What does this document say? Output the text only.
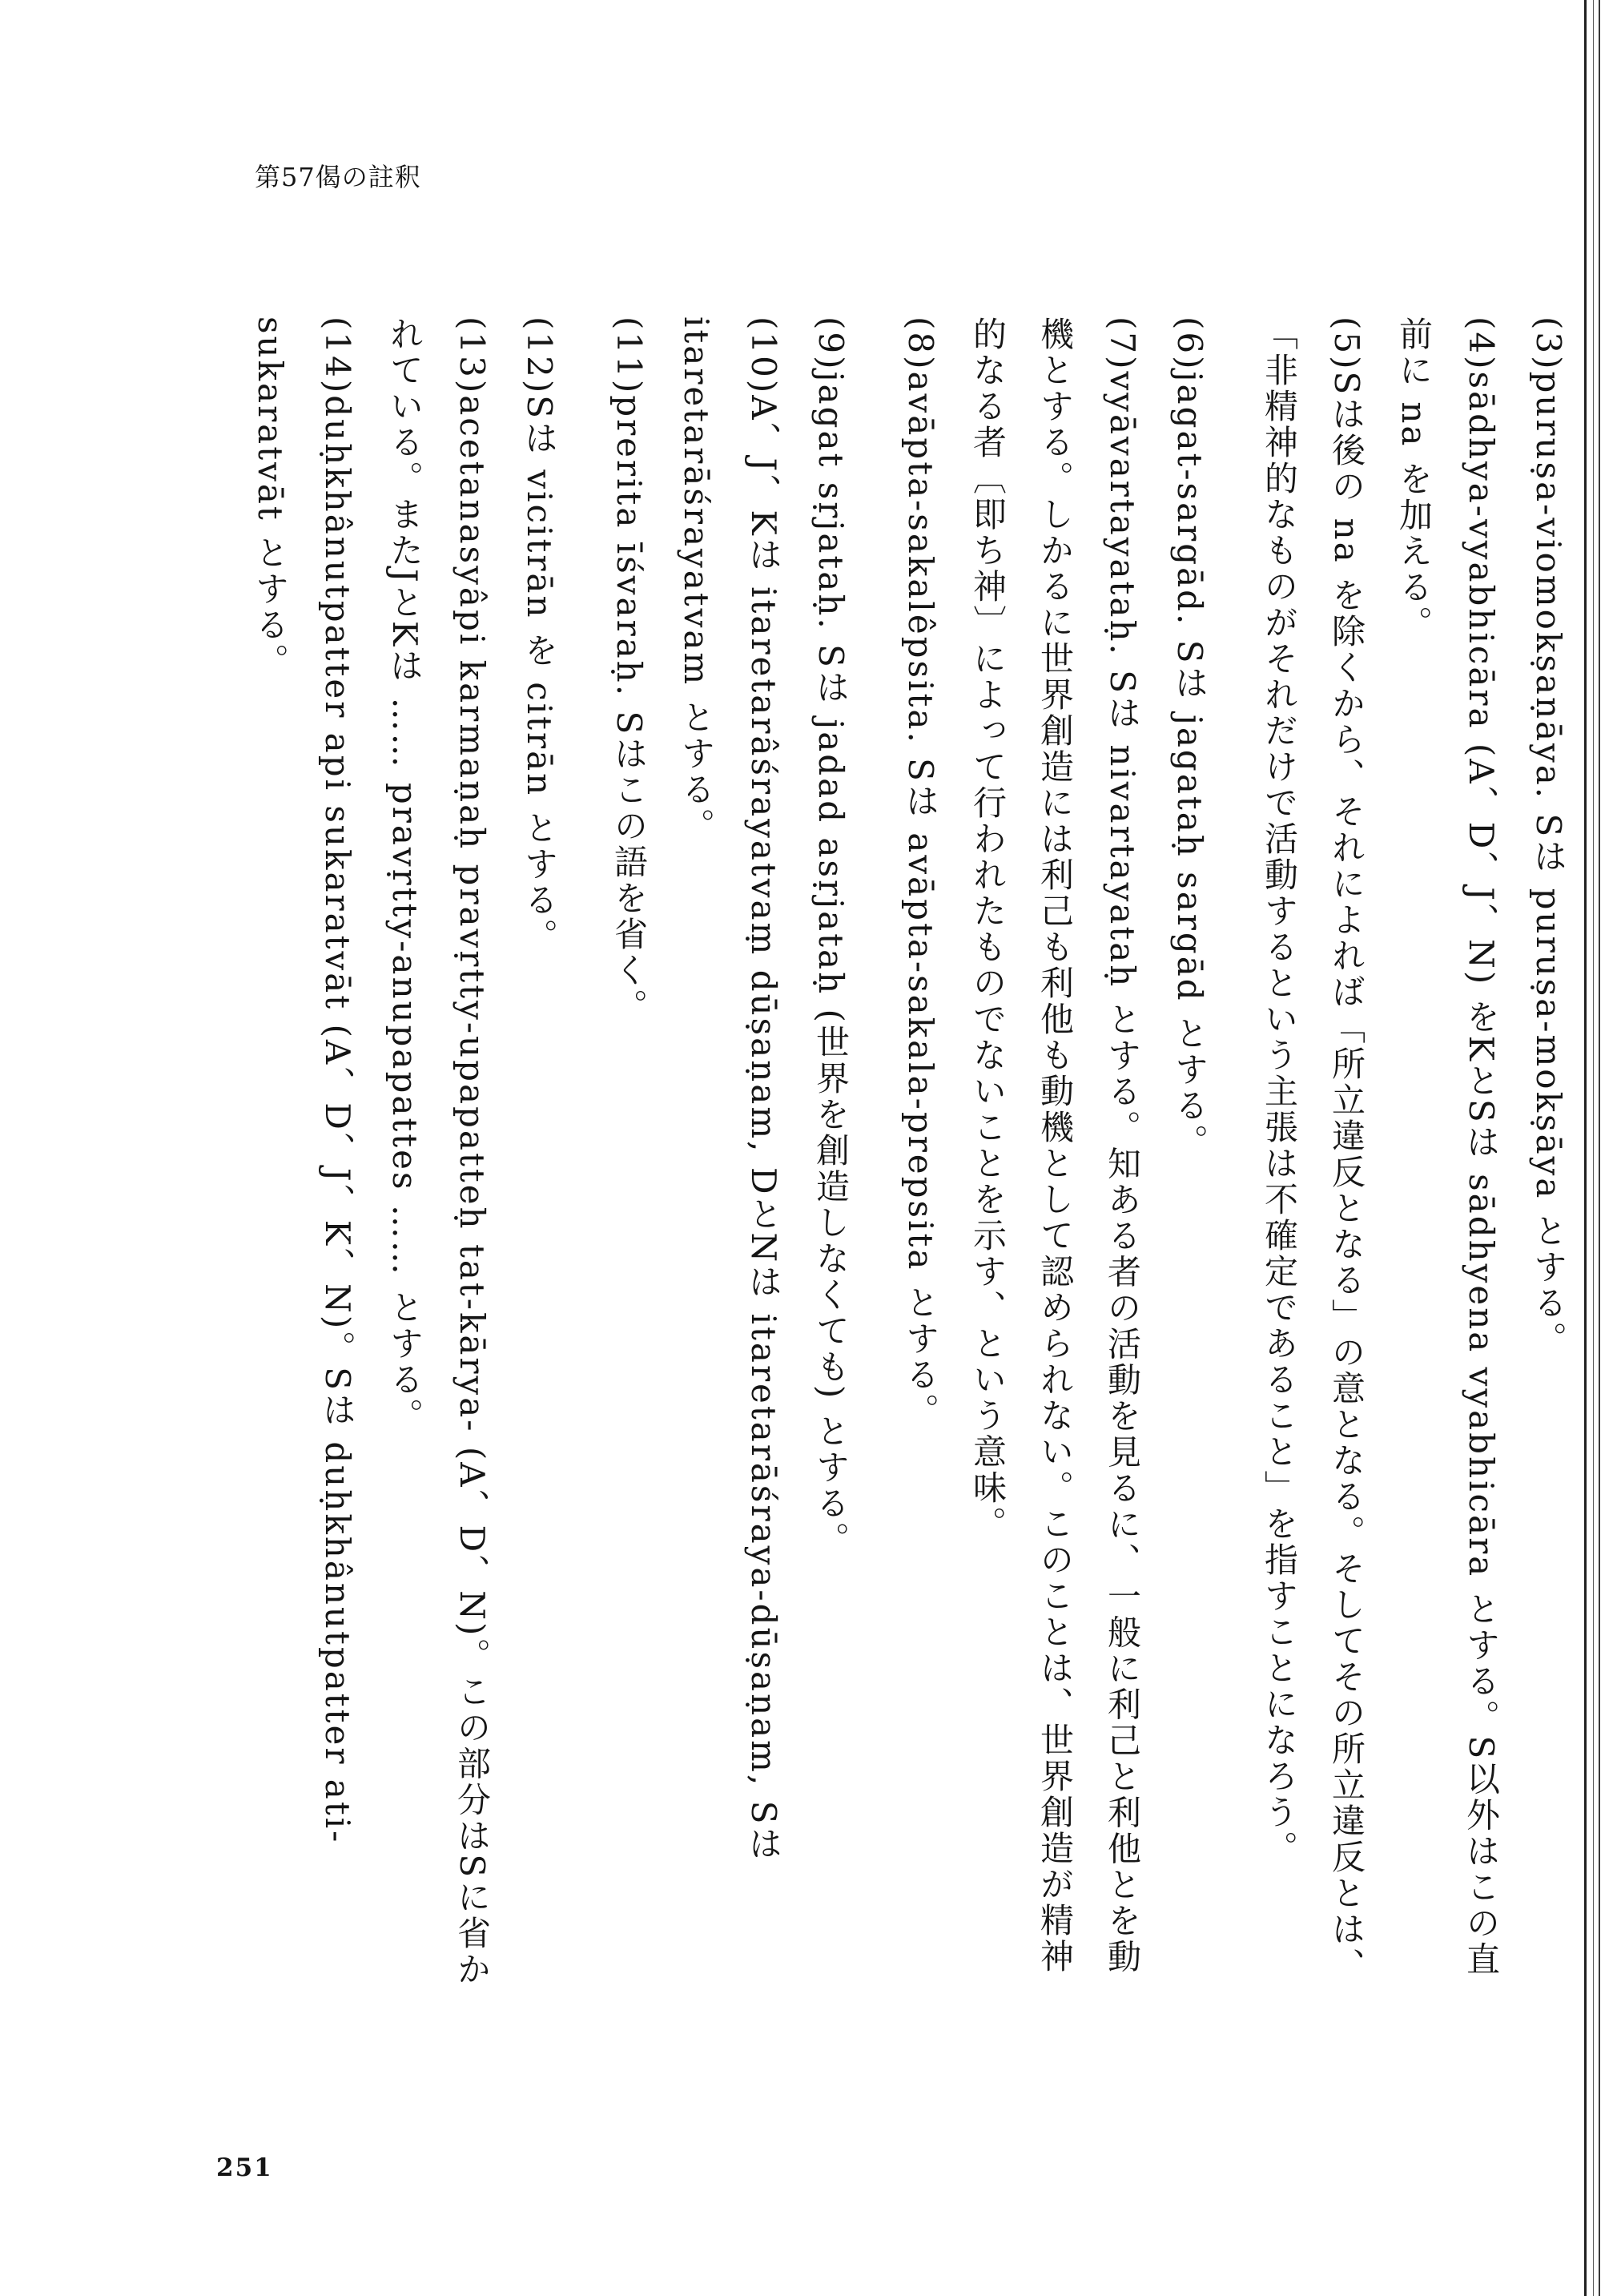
第57偈の註釈
(3)puruṣa-viomokṣaṇāya. Sは puruṣa-mokṣāya とする。
(4)sādhya-vyabhicāra (A、D、J、N) をKとSは sādhyena vyabhicāra とする。S以外はこの直前に na を加える。
(5)Sは後の na を除くから、それによれば「所立違反となる」の意となる。そしてその所立違反とは、「非精神的なものがそれだけで活動するという主張は不確定であること」を指すことになろう。
(6)jagat-sargād. Sは jagataḥ sargād とする。
(7)vyāvartayataḥ. Sは nivartayataḥ とする。知ある者の活動を見るに、一般に利己と利他とを動機とする。しかるに世界創造には利己も利他も動機として認められない。このことは、世界創造が精神的なる者〔即ち神〕によって行われたものでないことを示す、という意味。
(8)avāpta-sakalêpsita. Sは avāpta-sakala-prepsita とする。
(9)jagat sṛjataḥ. Sは jadad asṛjataḥ (世界を創造しなくても) とする。
(10)A、J、Kは itaretarâśrayatvaṃ dūṣaṇam, DとNは itaretarāśraya-dūṣaṇam, Sは itaretarāśrayatvam とする。
(11)prerita īśvaraḥ. Sはこの語を省く。
(12)Sは vicitrān を citrān とする。
(13)acetanasyâpi karmaṇaḥ pravṛtty-upapatteḥ tat-kārya- (A、D、N)。この部分はSに省かれている。またJとKは …… pravṛtty-anupapattes …… とする。
(14)duḥkhânutpatter api sukaratvāt (A、D、J、K、N)。Sは duḥkhânutpatter ati-sukaratvāt とする。
251
